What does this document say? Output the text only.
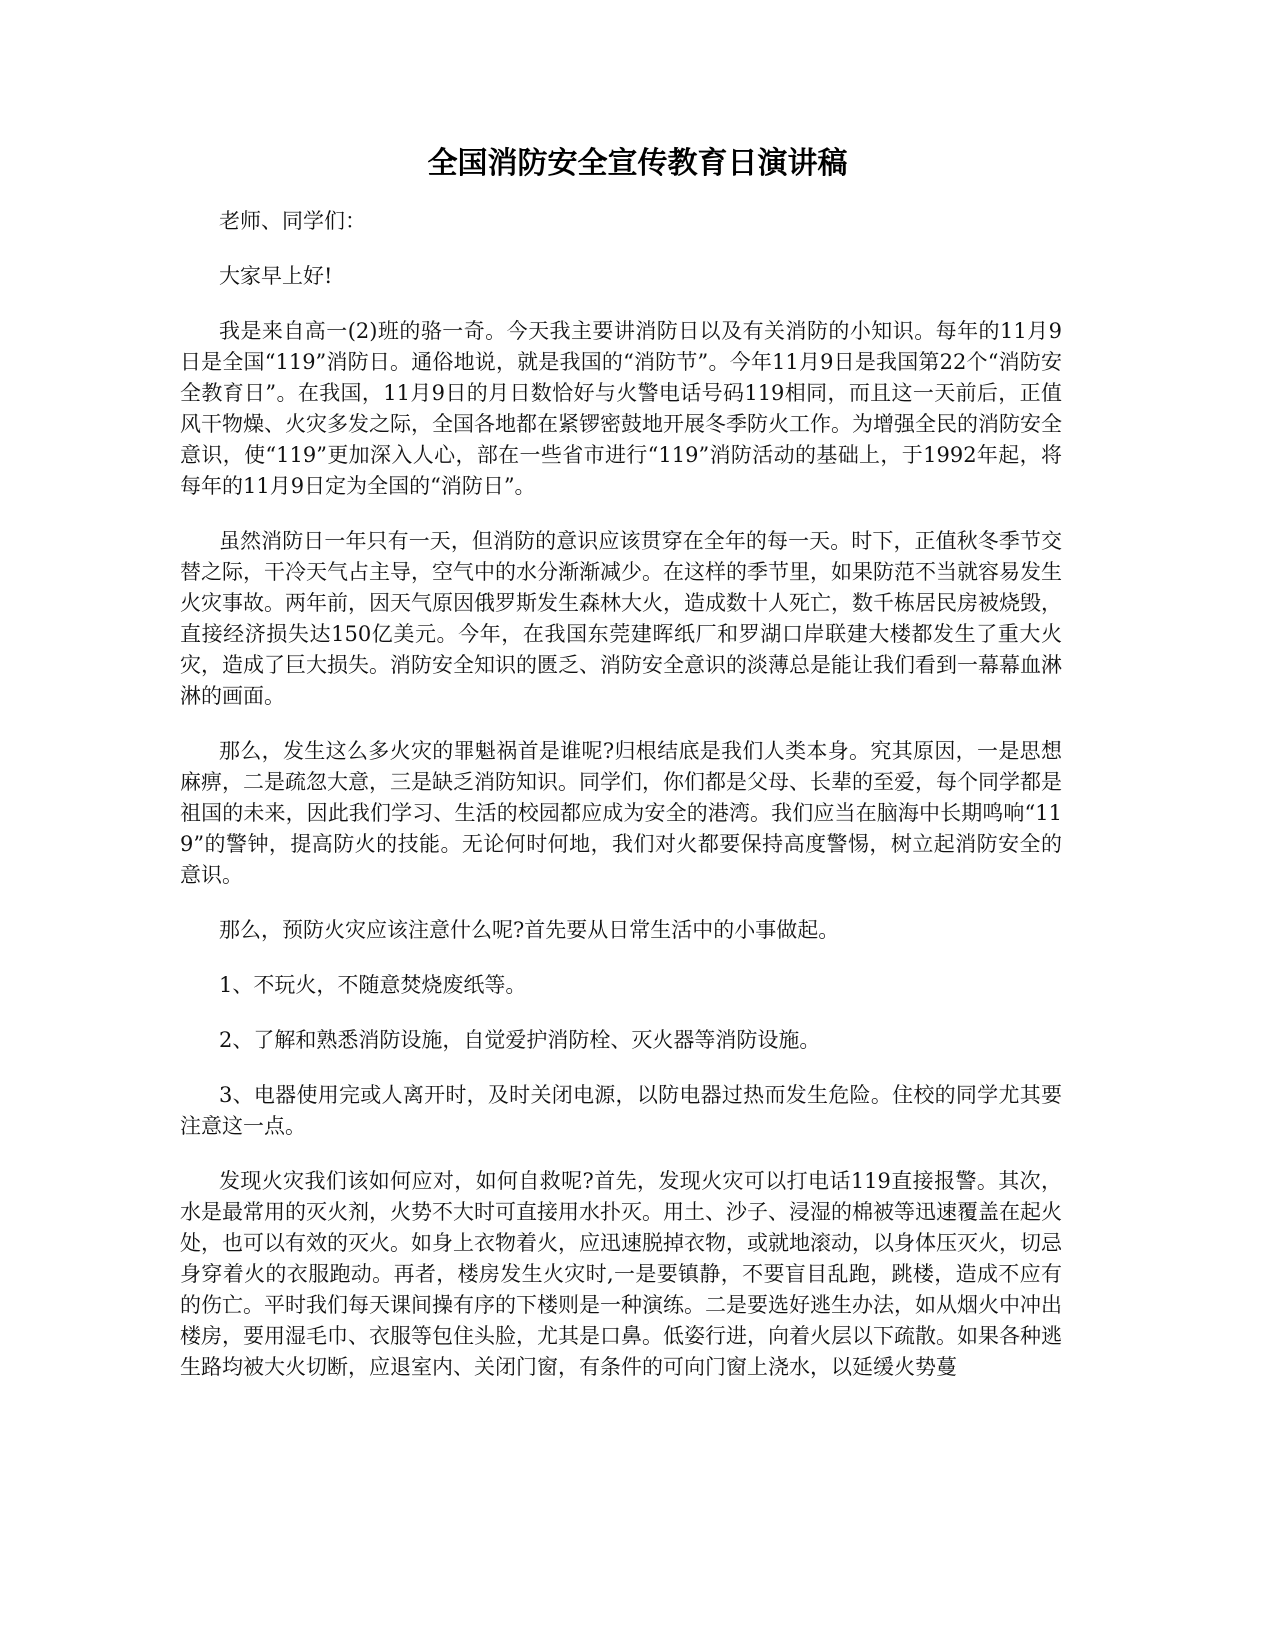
全国消防安全宣传教育日演讲稿

老师、同学们：

大家早上好!

我是来自高一(2)班的骆一奇。今天我主要讲消防日以及有关消防的小知识。每年的11月9日是全国“119”消防日。通俗地说，就是我国的“消防节”。今年11月9日是我国第22个“消防安全教育日”。在我国，11月9日的月日数恰好与火警电话号码119相同，而且这一天前后，正值风干物燥、火灾多发之际，全国各地都在紧锣密鼓地开展冬季防火工作。为增强全民的消防安全意识，使“119”更加深入人心，部在一些省市进行“119”消防活动的基础上，于1992年起，将每年的11月9日定为全国的“消防日”。

虽然消防日一年只有一天，但消防的意识应该贯穿在全年的每一天。时下，正值秋冬季节交替之际，干冷天气占主导，空气中的水分渐渐减少。在这样的季节里，如果防范不当就容易发生火灾事故。两年前，因天气原因俄罗斯发生森林大火，造成数十人死亡，数千栋居民房被烧毁，直接经济损失达150亿美元。今年，在我国东莞建晖纸厂和罗湖口岸联建大楼都发生了重大火灾，造成了巨大损失。消防安全知识的匮乏、消防安全意识的淡薄总是能让我们看到一幕幕血淋淋的画面。

那么，发生这么多火灾的罪魁祸首是谁呢?归根结底是我们人类本身。究其原因，一是思想麻痹，二是疏忽大意，三是缺乏消防知识。同学们，你们都是父母、长辈的至爱，每个同学都是祖国的未来，因此我们学习、生活的校园都应成为安全的港湾。我们应当在脑海中长期鸣响“119”的警钟，提高防火的技能。无论何时何地，我们对火都要保持高度警惕，树立起消防安全的意识。

那么，预防火灾应该注意什么呢?首先要从日常生活中的小事做起。

1、不玩火，不随意焚烧废纸等。

2、了解和熟悉消防设施，自觉爱护消防栓、灭火器等消防设施。

3、电器使用完或人离开时，及时关闭电源，以防电器过热而发生危险。住校的同学尤其要注意这一点。

发现火灾我们该如何应对，如何自救呢?首先，发现火灾可以打电话119直接报警。其次，水是最常用的灭火剂，火势不大时可直接用水扑灭。用土、沙子、浸湿的棉被等迅速覆盖在起火处，也可以有效的灭火。如身上衣物着火，应迅速脱掉衣物，或就地滚动，以身体压灭火，切忌身穿着火的衣服跑动。再者，楼房发生火灾时,一是要镇静，不要盲目乱跑，跳楼，造成不应有的伤亡。平时我们每天课间操有序的下楼则是一种演练。二是要选好逃生办法，如从烟火中冲出楼房，要用湿毛巾、衣服等包住头脸，尤其是口鼻。低姿行进，向着火层以下疏散。如果各种逃生路均被大火切断，应退室内、关闭门窗，有条件的可向门窗上浇水，以延缓火势蔓
